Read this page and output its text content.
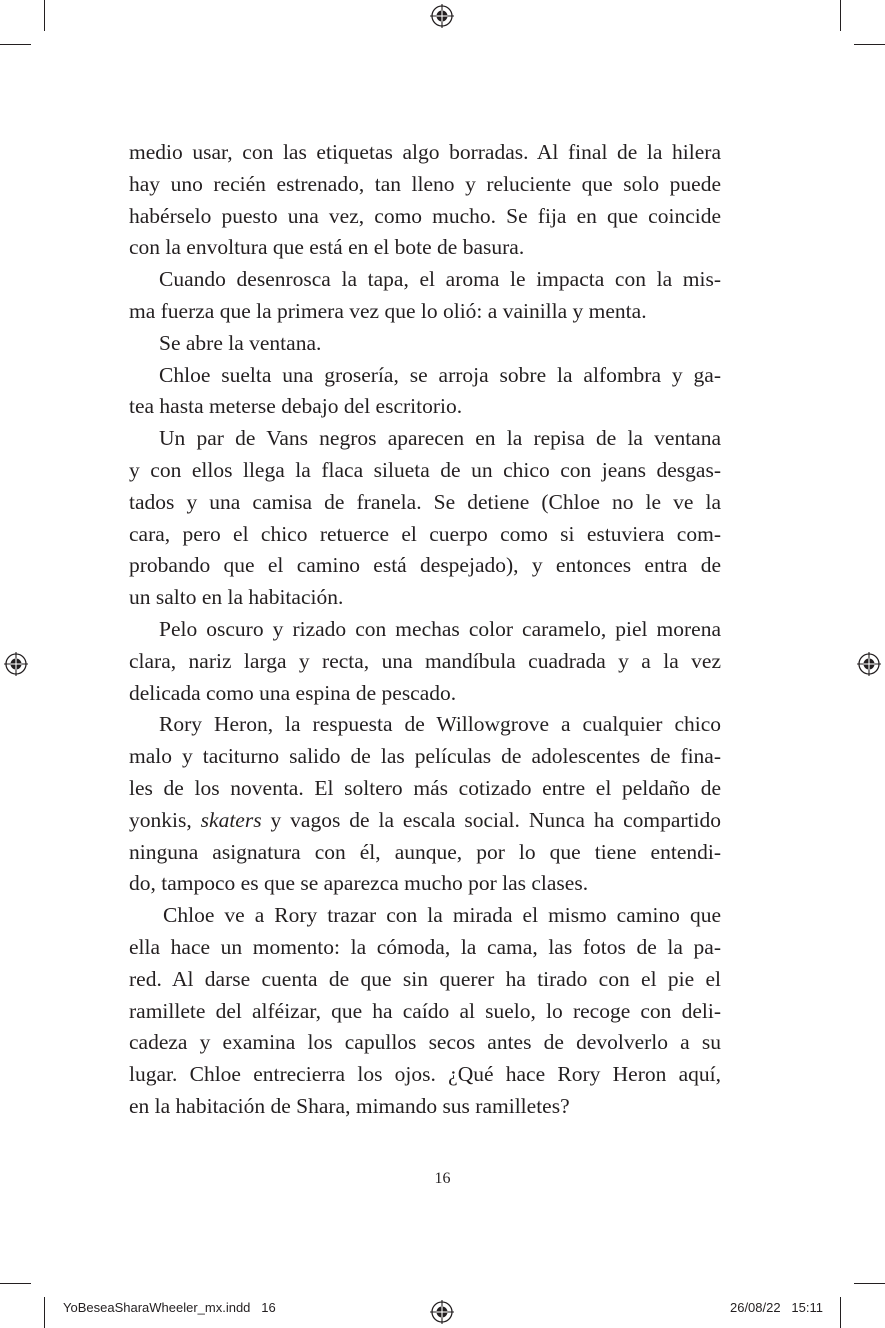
medio usar, con las etiquetas algo borradas. Al final de la hilera
hay uno recién estrenado, tan lleno y reluciente que solo puede
habérselo puesto una vez, como mucho. Se fija en que coincide
con la envoltura que está en el bote de basura.
Cuando desenrosca la tapa, el aroma le impacta con la mis-
ma fuerza que la primera vez que lo olió: a vainilla y menta.
Se abre la ventana.
Chloe suelta una grosería, se arroja sobre la alfombra y ga-
tea hasta meterse debajo del escritorio.
Un par de Vans negros aparecen en la repisa de la ventana
y con ellos llega la flaca silueta de un chico con jeans desgas-
tados y una camisa de franela. Se detiene (Chloe no le ve la
cara, pero el chico retuerce el cuerpo como si estuviera com-
probando que el camino está despejado), y entonces entra de
un salto en la habitación.
Pelo oscuro y rizado con mechas color caramelo, piel morena
clara, nariz larga y recta, una mandíbula cuadrada y a la vez
delicada como una espina de pescado.
Rory Heron, la respuesta de Willowgrove a cualquier chico
malo y taciturno salido de las películas de adolescentes de fina-
les de los noventa. El soltero más cotizado entre el peldaño de
yonkis, skaters y vagos de la escala social. Nunca ha compartido
ninguna asignatura con él, aunque, por lo que tiene entendi-
do, tampoco es que se aparezca mucho por las clases.
Chloe ve a Rory trazar con la mirada el mismo camino que
ella hace un momento: la cómoda, la cama, las fotos de la pa-
red. Al darse cuenta de que sin querer ha tirado con el pie el
ramillete del alféizar, que ha caído al suelo, lo recoge con deli-
cadeza y examina los capullos secos antes de devolverlo a su
lugar. Chloe entrecierra los ojos. ¿Qué hace Rory Heron aquí,
en la habitación de Shara, mimando sus ramilletes?
16
YoBeseaSharaWheeler_mx.indd   16	26/08/22   15:11
